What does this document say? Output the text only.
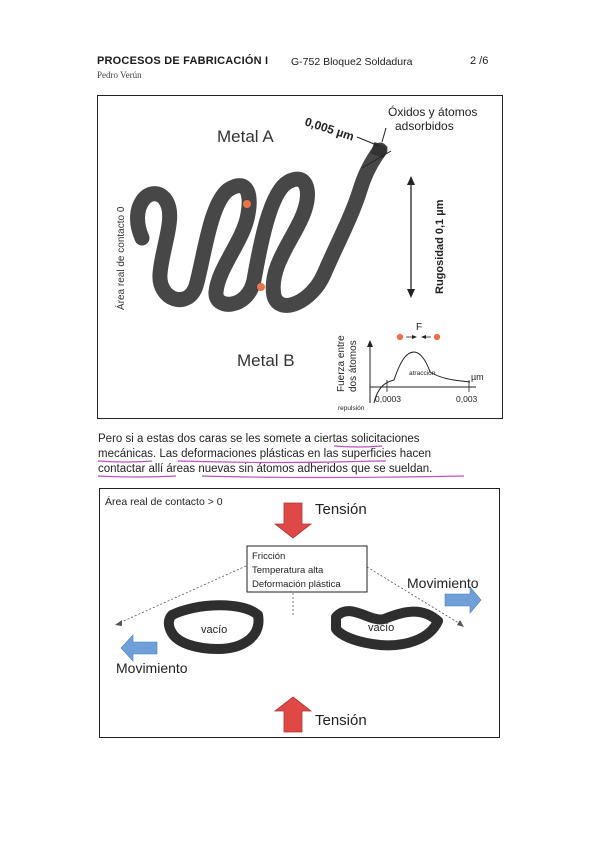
PROCESOS DE FABRICACIÓN I G-752 Bloque2 Soldadura	2 /6
Pedro Verún
Metal A
Metal B
Área real de contacto 0
Óxidos y átomos
adsorbidos
0,005 µm
Rugosidad 0,1 µm
F
Fuerza entre dos átomos	atracción
repulsión
µm
0,0003	0,003

Pero si a estas dos caras se les somete a ciertas solicitaciones

mecánicas. Las deformaciones plásticas en las superficies hacen

contactar allí áreas nuevas sin átomos adheridos que se sueldan.

Área real de contacto > 0	Tensión
Tensión
Fricción
Temperatura alta
Deformación plástica
vacío	vacío
Movimiento
Movimiento
